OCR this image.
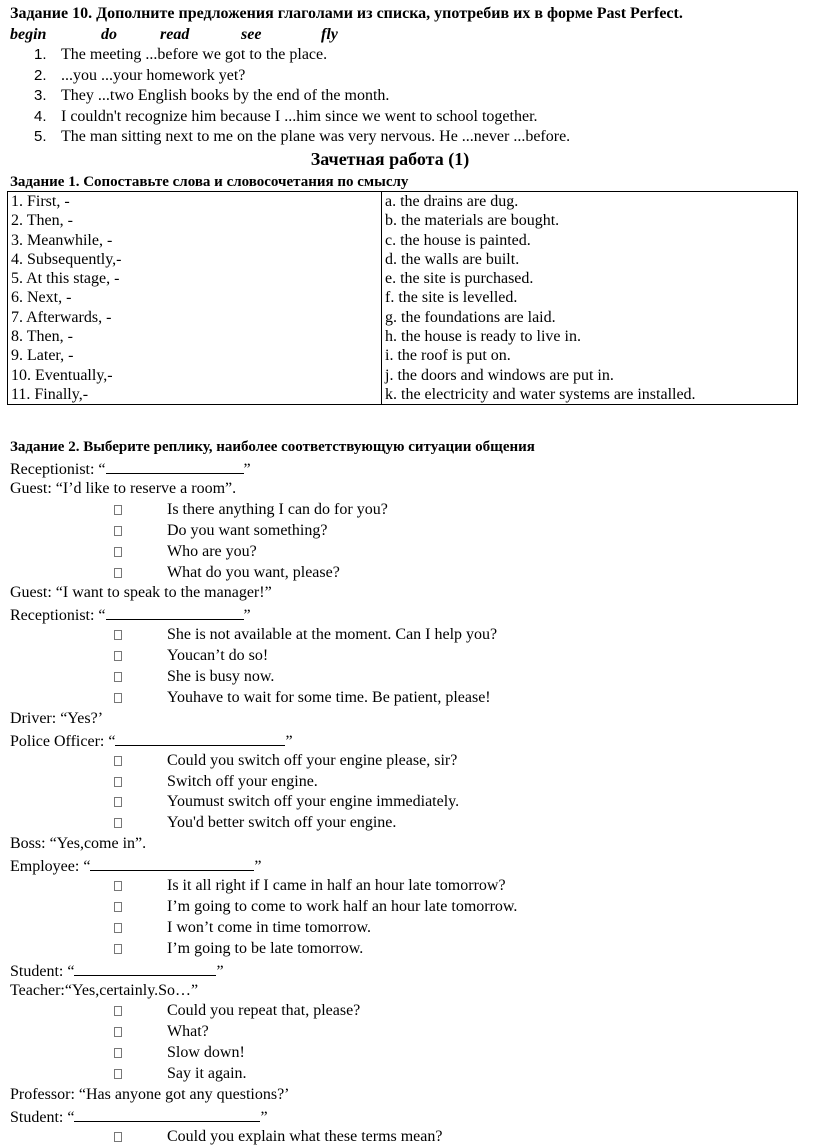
Задание 10. Дополните предложения глаголами из списка, употребив их в форме Past Perfect.
begin	do	read	see	fly
1. The meeting ...before we got to the place.
2. ...you ...your homework yet?
3. They ...two English books by the end of the month.
4. I couldn't recognize him because I ...him since we went to school together.
5. The man sitting next to me on the plane was very nervous. He ...never ...before.
Зачетная работа (1)
Задание 1. Сопоставьте слова и словосочетания по смыслу
1. First, -	a. the drains are dug.
2. Then, -	b. the materials are bought.
3. Meanwhile, -	c. the house is painted.
4. Subsequently,-	d. the walls are built.
5. At this stage, -	e. the site is purchased.
6. Next, -	f. the site is levelled.
7. Afterwards, -	g. the foundations are laid.
8. Then, -	h. the house is ready to live in.
9. Later, -	i. the roof is put on.
10. Eventually,-	j. the doors and windows are put in.
11. Finally,-	k. the electricity and water systems are installed.
Задание 2. Выберите реплику, наиболее соответствующую ситуации общения
Receptionist: “	”
Guest: “I’d like to reserve a room”.
Is there anything I can do for you?
Do you want something?
Who are you?
What do you want, please?
Guest: “I want to speak to the manager!”
Receptionist: “	”
She is not available at the moment. Can I help you?
Youcan’t do so!
She is busy now.
Youhave to wait for some time. Be patient, please!
Driver: “Yes?’
Police Officer: “	”
Could you switch off your engine please, sir?
Switch off your engine.
Youmust switch off your engine immediately.
You'd better switch off your engine.
Boss: “Yes,come in”.
Employee: “	”
Is it all right if I came in half an hour late tomorrow?
I’m going to come to work half an hour late tomorrow.
I won’t come in time tomorrow.
I’m going to be late tomorrow.
Student: “	”
Teacher:“Yes,certainly.So…”
Could you repeat that, please?
What?
Slow down!
Say it again.
Professor: “Has anyone got any questions?’
Student: “	”
Could you explain what these terms mean?
